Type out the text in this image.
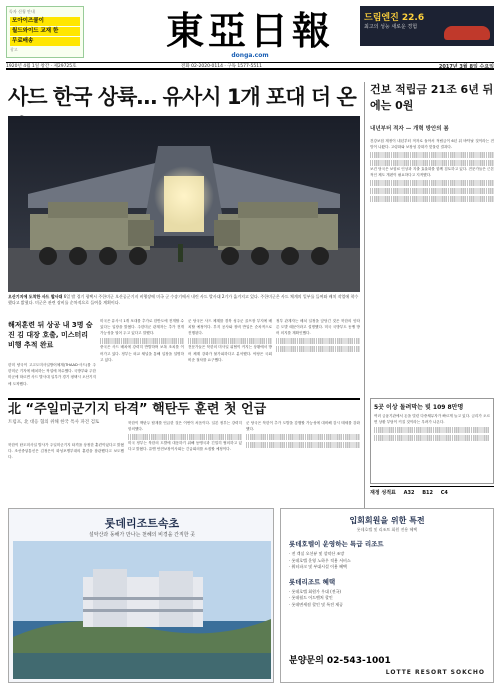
독자 신청 안내
모아이즈쿨이
월드와이드 교재 한
무료배송
광고	東亞日報
donga.com
드림엔진 22.6
최고의 성능 새로운 경험
1920년 4월 1일 창간 · 제29725호	전화 02-2020-0114 · 구독 1577-5511	2017년 3월 8일 수요일
사드 한국 상륙… 유사시 1개 포대 더 온
오산기지에 도착한 사드 발사대 6일 밤 경기 평택시 주한미군 오산공군기지 비행장에 미국 군 수송기에서 내린 사드 발사대 2기가 옮겨지고 있다. 주한미군은 사드 체계의 일부를 들여와 배치 작업에 착수했다고 밝혔다. 미군은 관련 장비를 순차적으로 들여올 계획이다.
해저훈련 뒤 상공 내 3명 숨진 김 대장 호출, 미스터리 비행 추적 완료
한미 양국이 고고도미사일방어체계(THAAD·사드)를 주한미군 기지에 배치하는 작업에 착수했다. 국방부와 주한미군에 따르면 사드 발사대 일부가 경기 평택시 오산기지에 도착했다.
미국은 유사시 1개 포대를 추가로 한반도에 전개할 수 있다는 입장을 밝혔다. 주한미군 관계자는 추가 전개 가능성을 열어 두고 있다고 말했다.
중국은 사드 배치에 강력히 반발하며 보복 조치를 이어가고 있다. 정부는 외교 채널을 통해 입장을 설명하고 있다.
군 당국은 사드 체계를 경북 성주군 골프장 부지에 배치할 예정이다. 부지 공사와 장비 반입은 순차적으로 진행된다.
전문가들은 북한의 미사일 위협이 커지는 상황에서 방어 체계 강화가 불가피하다고 분석했다. 야당은 국회 비준 절차를 요구했다.
정부 관계자는 배치 일정을 앞당긴 것은 북한의 잇따른 도발 때문이라고 설명했다. 미국 국방부도 동맹 방어 의지를 재확인했다.
건보 적립금 21조 6년 뒤에는 0원
내년부터 적자 — 개혁 방안의 봄
건강보험 재정이 내년부터 적자로 돌아서 적립금이 6년 뒤 바닥날 것이라는 전망이 나왔다. 고령화와 보장성 강화가 맞물린 결과다.
보건 당국은 보험료 인상과 지출 효율화를 함께 검토하고 있다. 전문가들은 근본적인 제도 개편이 필요하다고 지적했다.
5곳 이상 돌려막는 빚 109 8만명
여러 금융기관에서 돈을 빌린 다중채무자가 빠르게 늘고 있다. 금리가 오르면 상환 부담이 커질 것이라는 우려가 나온다.
재정 성적표 A32 B12 C4
北 “주일미군기지 타격” 핵탄두 훈련 첫 언급
트럼프, 北 대응 협의 위해 한국 특사 파견 검토
북한이 탄도미사일 발사가 주일미군기지 타격을 상정한 훈련이었다고 밝혔다. 조선중앙통신은 김정은이 화성포병부대의 훈련을 참관했다고 보도했다.
북한이 핵탄두 탑재를 언급한 것은 이번이 처음이다. 일본 정부는 강력히 항의했다.
미국 정부는 북한의 도발에 대응하기 위해 동맹국과 긴밀히 협의하고 있다고 밝혔다. 유엔 안전보장이사회는 긴급회의를 소집할 예정이다.
군 당국은 북한이 추가 도발을 감행할 가능성에 대비해 감시 태세를 강화했다.
롯데리조트속초
설악산과 동해가 만나는 천혜의 비경을 간직한 곳
입회회원을 위한 특전
롯데호텔 및 리조트 회원 전용 혜택
롯데호텔이 운영하는 특급 리조트
· 전 객실 오션뷰 및 설악산 조망
· 롯데호텔 운영 노하우 적용 서비스
· 워터파크 및 부대시설 이용 혜택
롯데리조트 혜택
· 롯데호텔 회원가 우대 (전국)
· 롯데월드 어드벤처 할인
· 롯데면세점 할인 및 특전 제공
분양문의 02-543-1001
LOTTE RESORT SOKCHO
